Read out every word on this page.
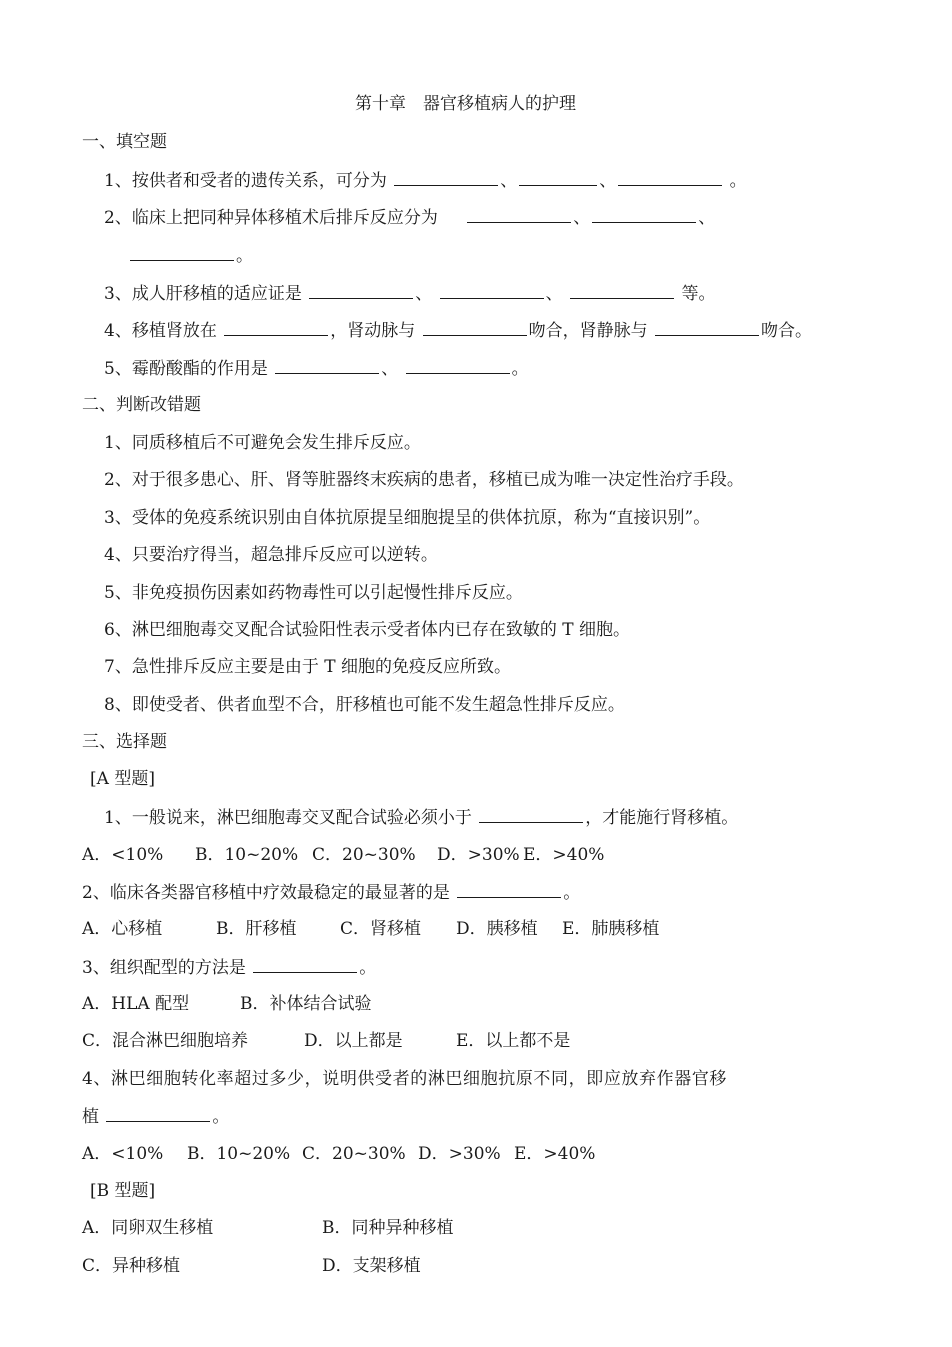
第十章　器官移植病人的护理
一、填空题
1、按供者和受者的遗传关系，可分为	、	、	。
2、临床上把同种异体移植术后排斥反应分为	、	、
。
3、成人肝移植的适应证是	、	、	等。
4、移植肾放在	，肾动脉与	吻合，肾静脉与	吻合。
5、霉酚酸酯的作用是	、	。
二、判断改错题
1、同质移植后不可避免会发生排斥反应。
2、对于很多患心、肝、肾等脏器终末疾病的患者，移植已成为唯一决定性治疗手段。
3、受体的免疫系统识别由自体抗原提呈细胞提呈的供体抗原，称为“直接识别”。
4、只要治疗得当，超急排斥反应可以逆转。
5、非免疫损伤因素如药物毒性可以引起慢性排斥反应。
6、淋巴细胞毒交叉配合试验阳性表示受者体内已存在致敏的 T 细胞。
7、急性排斥反应主要是由于 T 细胞的免疫反应所致。
8、即使受者、供者血型不合，肝移植也可能不发生超急性排斥反应。
三、选择题
[A 型题]
1、一般说来，淋巴细胞毒交叉配合试验必须小于	，才能施行肾移植。
A．<10% B．10~20% C．20~30% D．>30% E．>40%
2、临床各类器官移植中疗效最稳定的最显著的是	。
A．心移植	B．肝移植	C．肾移植 D．胰移植 E．肺胰移植
3、组织配型的方法是	。
A．HLA 配型	B．补体结合试验
C．混合淋巴细胞培养	D．以上都是	E．以上都不是
4、淋巴细胞转化率超过多少，说明供受者的淋巴细胞抗原不同，即应放弃作器官移
植	。
A．<10% B．10~20% C．20~30% D．>30% E．>40%
[B 型题]
A．同卵双生移植	B．同种异种移植
C．异种移植	D．支架移植
